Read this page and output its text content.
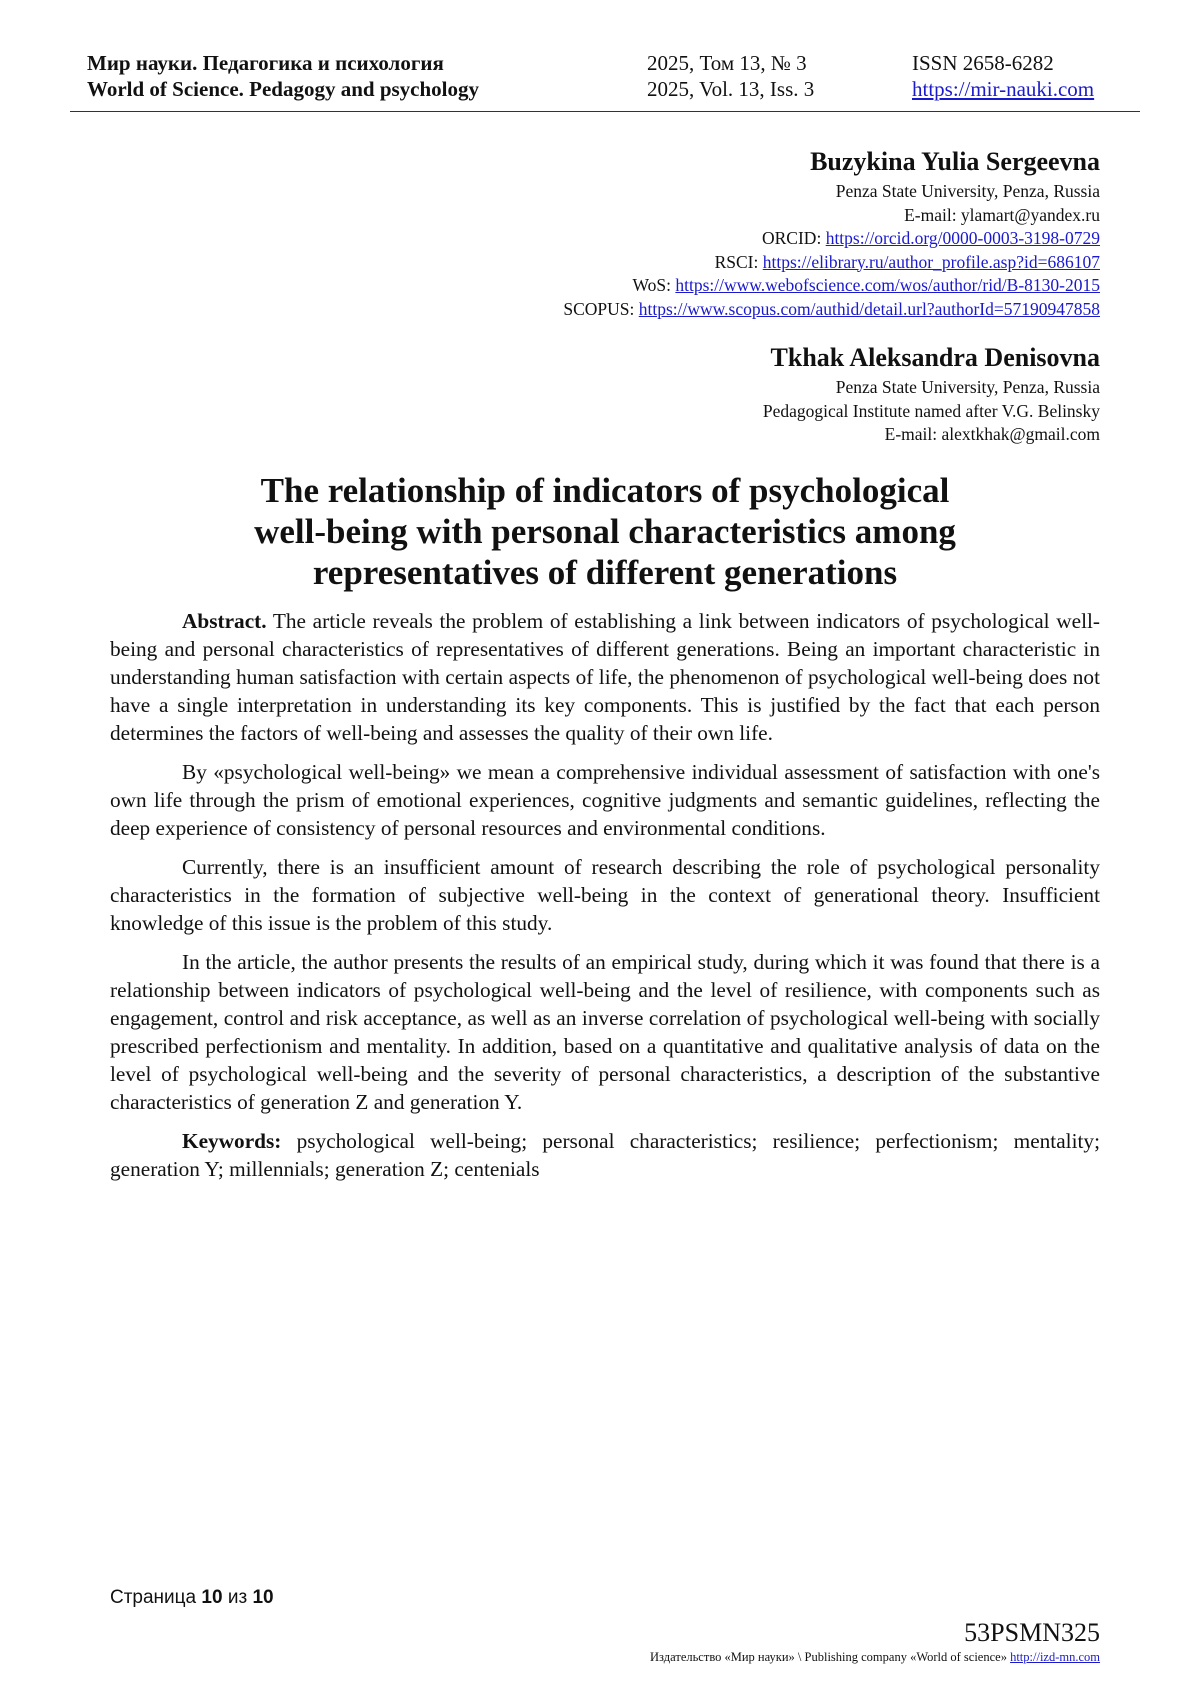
Мир науки. Педагогика и психология
World of Science. Pedagogy and psychology
2025, Том 13, № 3
2025, Vol. 13, Iss. 3
ISSN 2658-6282
https://mir-nauki.com
Buzykina Yulia Sergeevna
Penza State University, Penza, Russia
E-mail: ylamart@yandex.ru
ORCID: https://orcid.org/0000-0003-3198-0729
RSCI: https://elibrary.ru/author_profile.asp?id=686107
WoS: https://www.webofscience.com/wos/author/rid/B-8130-2015
SCOPUS: https://www.scopus.com/authid/detail.url?authorId=57190947858
Tkhak Aleksandra Denisovna
Penza State University, Penza, Russia
Pedagogical Institute named after V.G. Belinsky
E-mail: alextkhak@gmail.com
The relationship of indicators of psychological
well-being with personal characteristics among
representatives of different generations

Abstract. The article reveals the problem of establishing a link between indicators of psychological well-being and personal characteristics of representatives of different generations. Being an important characteristic in understanding human satisfaction with certain aspects of life, the phenomenon of psychological well-being does not have a single interpretation in understanding its key components. This is justified by the fact that each person determines the factors of well-being and assesses the quality of their own life.

By «psychological well-being» we mean a comprehensive individual assessment of satisfaction with one's own life through the prism of emotional experiences, cognitive judgments and semantic guidelines, reflecting the deep experience of consistency of personal resources and environmental conditions.

Currently, there is an insufficient amount of research describing the role of psychological personality characteristics in the formation of subjective well-being in the context of generational theory. Insufficient knowledge of this issue is the problem of this study.

In the article, the author presents the results of an empirical study, during which it was found that there is a relationship between indicators of psychological well-being and the level of resilience, with components such as engagement, control and risk acceptance, as well as an inverse correlation of psychological well-being with socially prescribed perfectionism and mentality. In addition, based on a quantitative and qualitative analysis of data on the level of psychological well-being and the severity of personal characteristics, a description of the substantive characteristics of generation Z and generation Y.

Keywords: psychological well-being; personal characteristics; resilience; perfectionism; mentality; generation Y; millennials; generation Z; centenials

Страница 10 из 10
53PSMN325
Издательство «Мир науки» \ Publishing company «World of science» http://izd-mn.com
